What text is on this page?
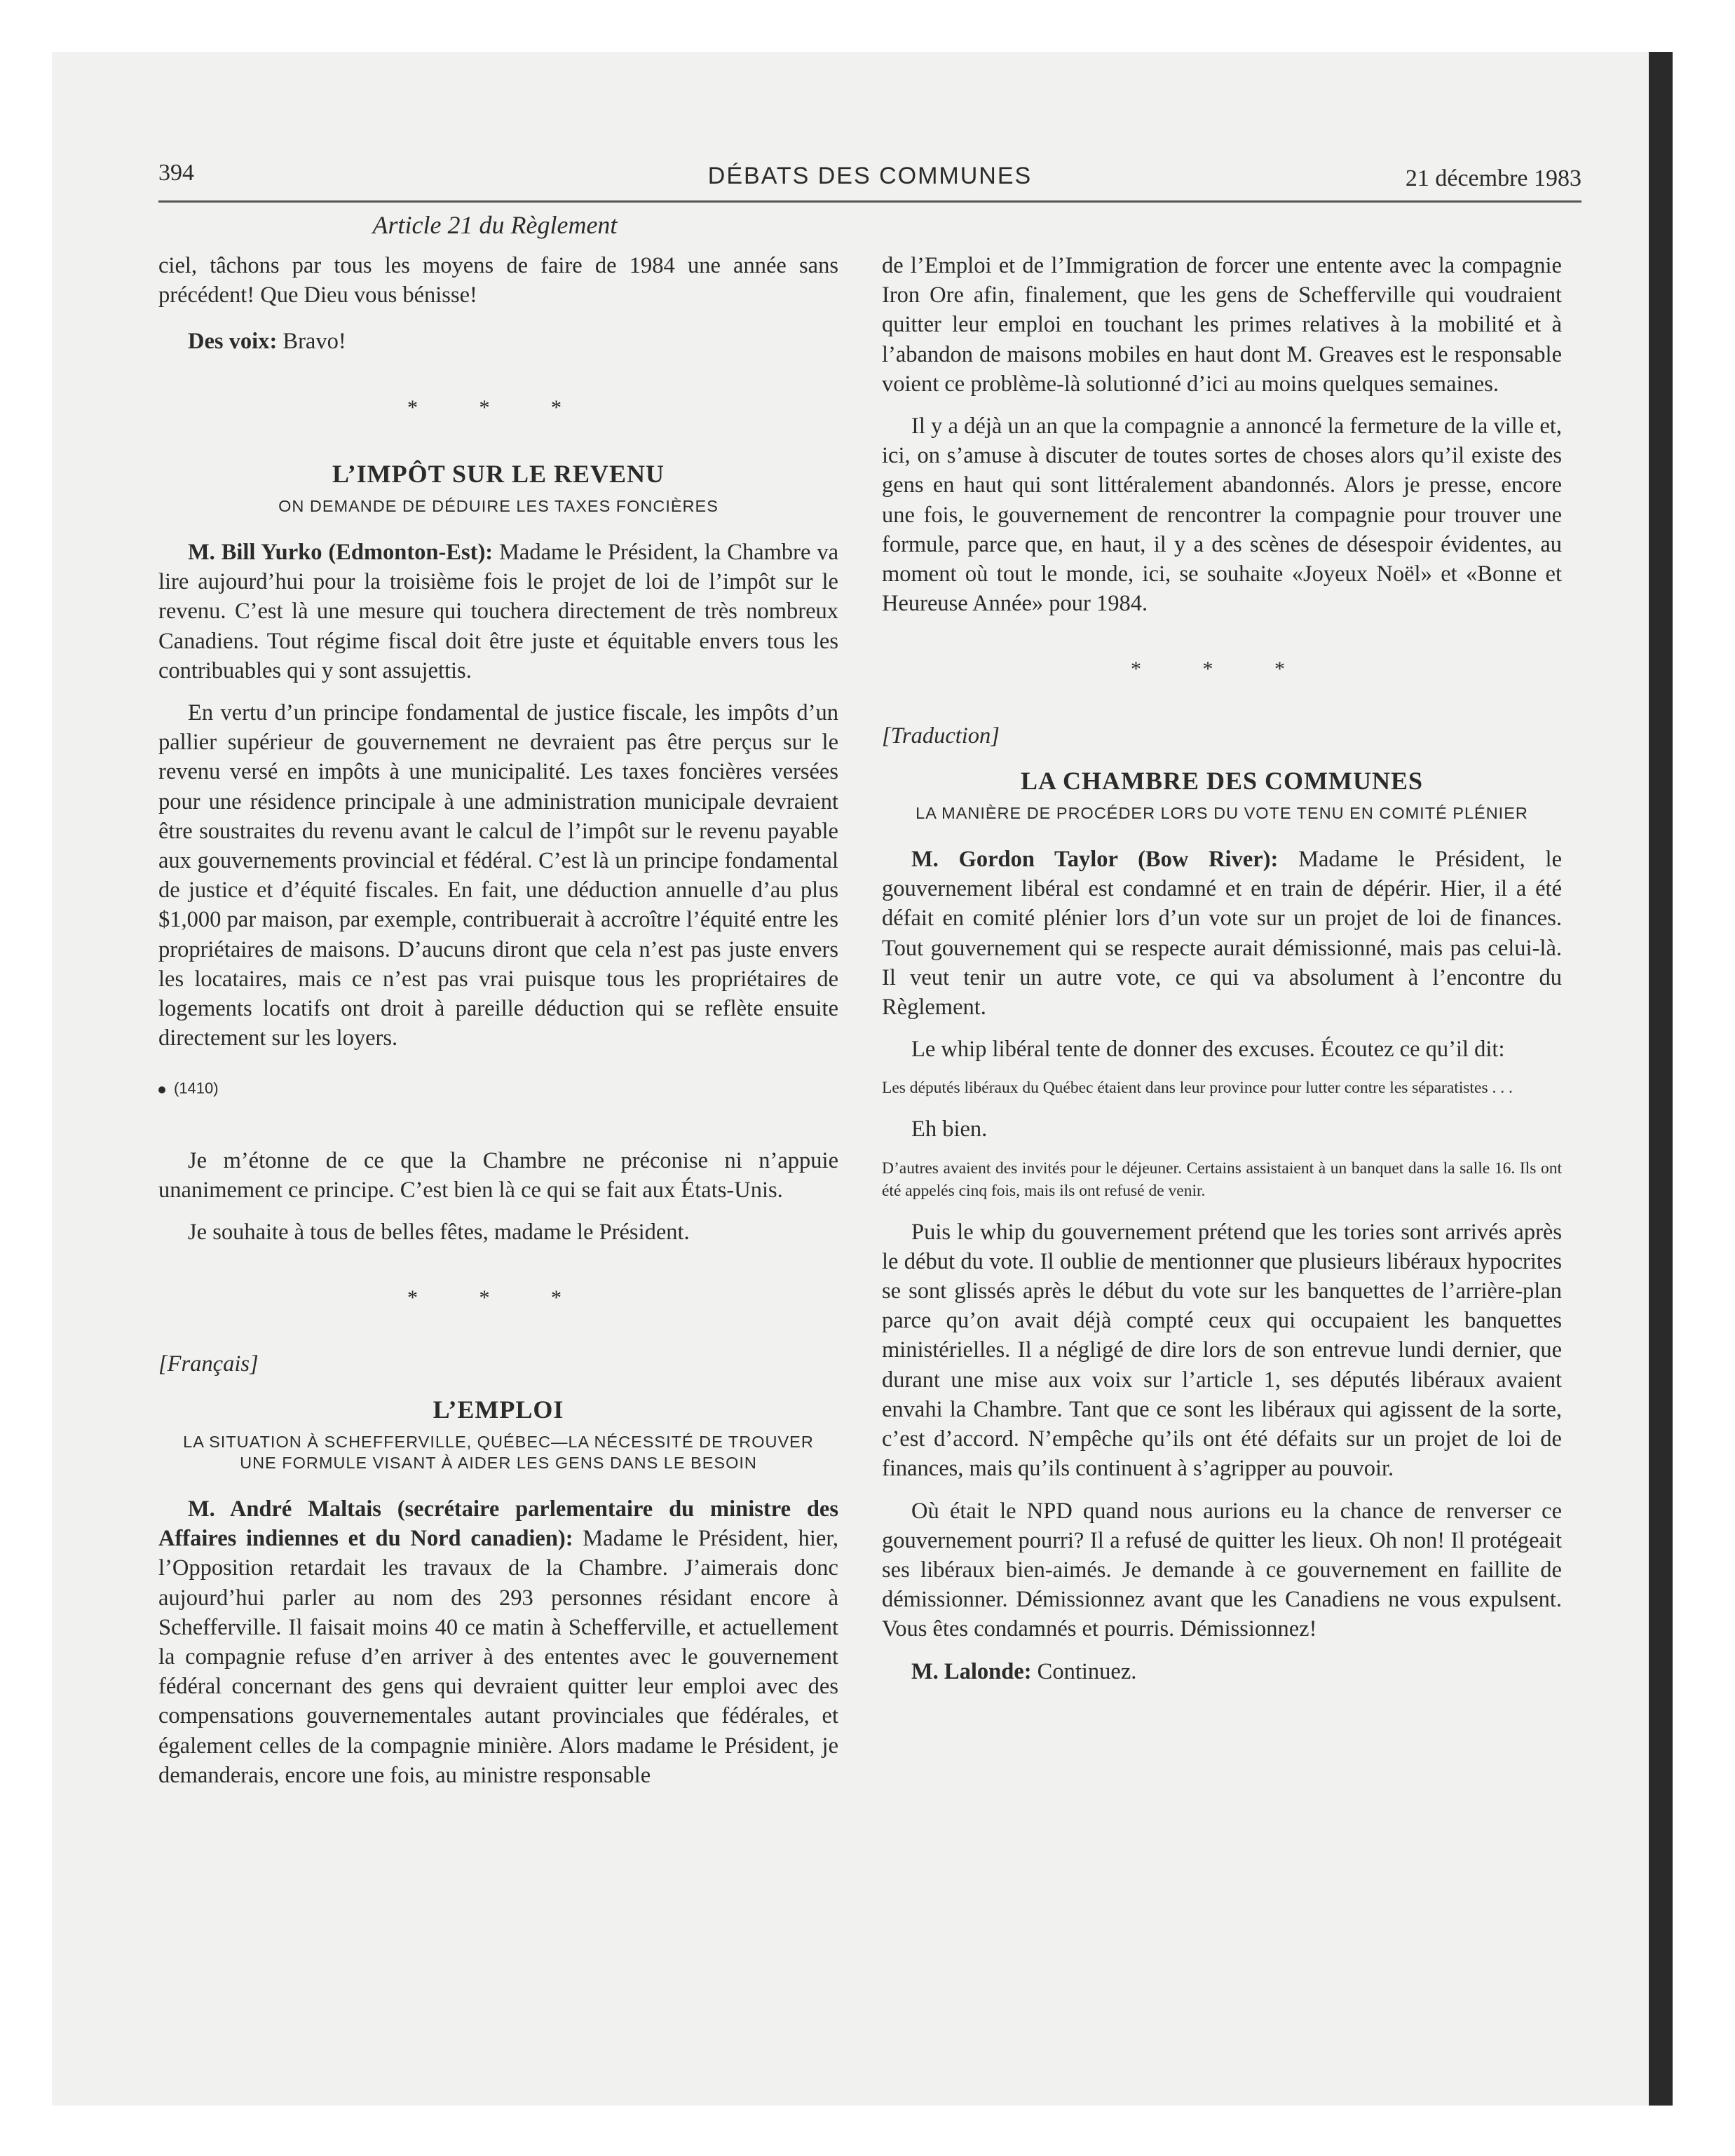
394	DÉBATS DES COMMUNES	21 décembre 1983
Article 21 du Règlement

ciel, tâchons par tous les moyens de faire de 1984 une année sans précédent! Que Dieu vous bénisse!

Des voix: Bravo!

* * *
L’IMPÔT SUR LE REVENU
ON DEMANDE DE DÉDUIRE LES TAXES FONCIÈRES

M. Bill Yurko (Edmonton-Est): Madame le Président, la Chambre va lire aujourd’hui pour la troisième fois le projet de loi de l’impôt sur le revenu. C’est là une mesure qui touchera directement de très nombreux Canadiens. Tout régime fiscal doit être juste et équitable envers tous les contribuables qui y sont assujettis.

En vertu d’un principe fondamental de justice fiscale, les impôts d’un pallier supérieur de gouvernement ne devraient pas être perçus sur le revenu versé en impôts à une municipalité. Les taxes foncières versées pour une résidence principale à une administration municipale devraient être soustraites du revenu avant le calcul de l’impôt sur le revenu payable aux gouvernements provincial et fédéral. C’est là un principe fondamental de justice et d’équité fiscales. En fait, une déduction annuelle d’au plus $1,000 par maison, par exemple, contribuerait à accroître l’équité entre les propriétaires de maisons. D’aucuns diront que cela n’est pas juste envers les locataires, mais ce n’est pas vrai puisque tous les propriétaires de logements locatifs ont droit à pareille déduction qui se reflète ensuite directement sur les loyers.

(1410)

Je m’étonne de ce que la Chambre ne préconise ni n’appuie unanimement ce principe. C’est bien là ce qui se fait aux États-Unis.

Je souhaite à tous de belles fêtes, madame le Président.

* * *
[Français]
L’EMPLOI
LA SITUATION À SCHEFFERVILLE, QUÉBEC—LA NÉCESSITÉ DE TROUVER UNE FORMULE VISANT À AIDER LES GENS DANS LE BESOIN

M. André Maltais (secrétaire parlementaire du ministre des Affaires indiennes et du Nord canadien): Madame le Président, hier, l’Opposition retardait les travaux de la Chambre. J’aimerais donc aujourd’hui parler au nom des 293 personnes résidant encore à Schefferville. Il faisait moins 40 ce matin à Schefferville, et actuellement la compagnie refuse d’en arriver à des ententes avec le gouvernement fédéral concernant des gens qui devraient quitter leur emploi avec des compensations gouvernementales autant provinciales que fédérales, et également celles de la compagnie minière. Alors madame le Président, je demanderais, encore une fois, au ministre responsable

de l’Emploi et de l’Immigration de forcer une entente avec la compagnie Iron Ore afin, finalement, que les gens de Schefferville qui voudraient quitter leur emploi en touchant les primes relatives à la mobilité et à l’abandon de maisons mobiles en haut dont M. Greaves est le responsable voient ce problème-là solutionné d’ici au moins quelques semaines.

Il y a déjà un an que la compagnie a annoncé la fermeture de la ville et, ici, on s’amuse à discuter de toutes sortes de choses alors qu’il existe des gens en haut qui sont littéralement abandonnés. Alors je presse, encore une fois, le gouvernement de rencontrer la compagnie pour trouver une formule, parce que, en haut, il y a des scènes de désespoir évidentes, au moment où tout le monde, ici, se souhaite «Joyeux Noël» et «Bonne et Heureuse Année» pour 1984.

* * *
[Traduction]
LA CHAMBRE DES COMMUNES
LA MANIÈRE DE PROCÉDER LORS DU VOTE TENU EN COMITÉ PLÉNIER

M. Gordon Taylor (Bow River): Madame le Président, le gouvernement libéral est condamné et en train de dépérir. Hier, il a été défait en comité plénier lors d’un vote sur un projet de loi de finances. Tout gouvernement qui se respecte aurait démissionné, mais pas celui-là. Il veut tenir un autre vote, ce qui va absolument à l’encontre du Règlement.

Le whip libéral tente de donner des excuses. Écoutez ce qu’il dit:

Les députés libéraux du Québec étaient dans leur province pour lutter contre les séparatistes . . .

Eh bien.

D’autres avaient des invités pour le déjeuner. Certains assistaient à un banquet dans la salle 16. Ils ont été appelés cinq fois, mais ils ont refusé de venir.

Puis le whip du gouvernement prétend que les tories sont arrivés après le début du vote. Il oublie de mentionner que plusieurs libéraux hypocrites se sont glissés après le début du vote sur les banquettes de l’arrière-plan parce qu’on avait déjà compté ceux qui occupaient les banquettes ministérielles. Il a négligé de dire lors de son entrevue lundi dernier, que durant une mise aux voix sur l’article 1, ses députés libéraux avaient envahi la Chambre. Tant que ce sont les libéraux qui agissent de la sorte, c’est d’accord. N’empêche qu’ils ont été défaits sur un projet de loi de finances, mais qu’ils continuent à s’agripper au pouvoir.

Où était le NPD quand nous aurions eu la chance de renverser ce gouvernement pourri? Il a refusé de quitter les lieux. Oh non! Il protégeait ses libéraux bien-aimés. Je demande à ce gouvernement en faillite de démissionner. Démissionnez avant que les Canadiens ne vous expulsent. Vous êtes condamnés et pourris. Démissionnez!

M. Lalonde: Continuez.
